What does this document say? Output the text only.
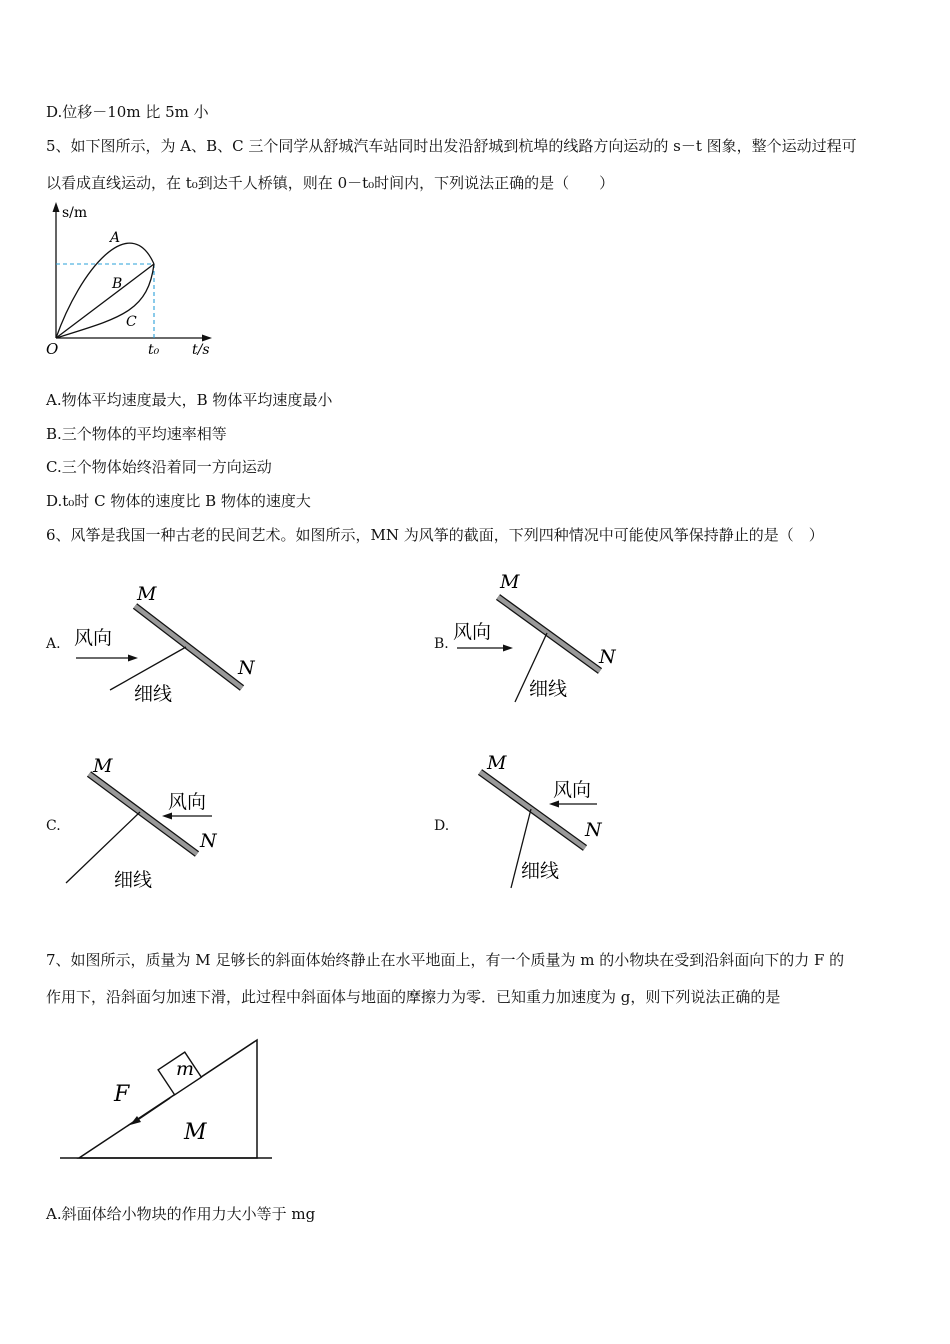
D.位移－10m 比 5m 小
5、如下图所示，为 A、B、C 三个同学从舒城汽车站同时出发沿舒城到杭埠的线路方向运动的 s－t 图象，整个运动过程可
以看成直线运动，在 t₀到达千人桥镇，则在 0－t₀时间内，下列说法正确的是（　　）
s/m
t/s
O	t₀
A
B
C
A.物体平均速度最大，B 物体平均速度最小
B.三个物体的平均速率相等
C.三个物体始终沿着同一方向运动
D.t₀时 C 物体的速度比 B 物体的速度大
6、风筝是我国一种古老的民间艺术。如图所示，MN 为风筝的截面，下列四种情况中可能使风筝保持静止的是（　）
A.	B.
C.	D.
M
N
风向
细线
M
N
风向
细线
M
N
风向
细线
M
N
风向
细线
7、如图所示，质量为 M 足够长的斜面体始终静止在水平地面上，有一个质量为 m 的小物块在受到沿斜面向下的力 F 的
作用下，沿斜面匀加速下滑，此过程中斜面体与地面的摩擦力为零．已知重力加速度为 g，则下列说法正确的是
m
M
F
A.斜面体给小物块的作用力大小等于 mg
